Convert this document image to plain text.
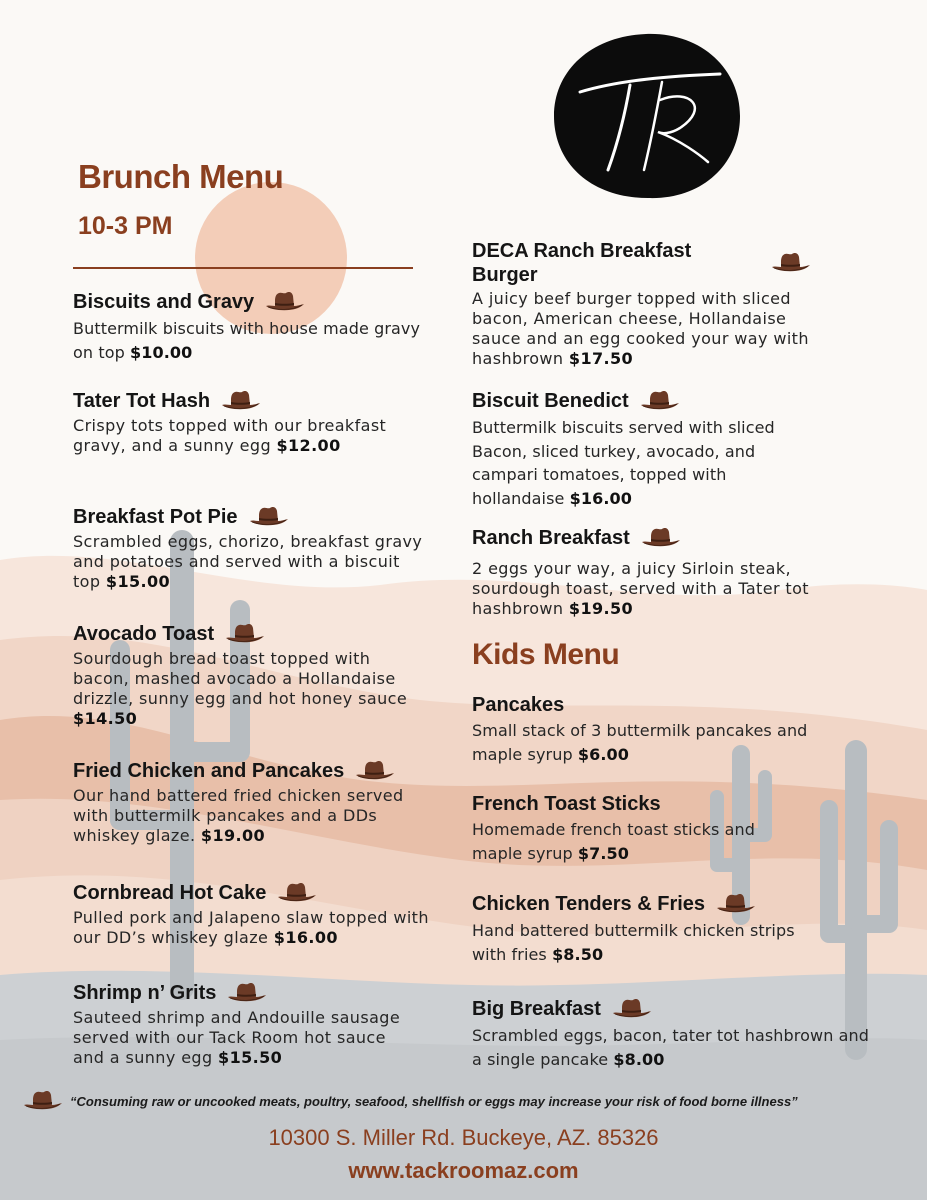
Brunch Menu
10-3 PM
Biscuits and Gravy
Buttermilk biscuits with house made gravy on top $10.00
Tater Tot Hash
Crispy tots topped with our breakfast gravy, and a sunny egg $12.00
Breakfast Pot Pie
Scrambled eggs, chorizo, breakfast gravy and potatoes and served with a biscuit top $15.00
Avocado Toast
Sourdough bread toast topped with bacon, mashed avocado a Hollandaise drizzle, sunny egg and hot honey sauce $14.50
Fried Chicken and Pancakes
Our hand battered fried chicken served with buttermilk pancakes and a DDs whiskey glaze. $19.00
Cornbread Hot Cake
Pulled pork and Jalapeno slaw topped with our DD’s whiskey glaze $16.00
Shrimp n’ Grits
Sauteed shrimp and Andouille sausage served with our Tack Room hot sauce and a sunny egg $15.50
DECA Ranch Breakfast Burger
A juicy beef burger topped with sliced bacon, American cheese, Hollandaise sauce and an egg cooked your way with hashbrown $17.50
Biscuit Benedict
Buttermilk biscuits served with sliced Bacon, sliced turkey, avocado, and campari tomatoes, topped with hollandaise $16.00
Ranch Breakfast
2 eggs your way, a juicy Sirloin steak, sourdough toast, served with a Tater tot hashbrown $19.50
Kids Menu
Pancakes
Small stack of 3 buttermilk pancakes and maple syrup $6.00
French Toast Sticks
Homemade french toast sticks and maple syrup $7.50
Chicken Tenders & Fries
Hand battered buttermilk chicken strips with fries $8.50
Big Breakfast
Scrambled eggs, bacon, tater tot hashbrown and a single pancake $8.00
“Consuming raw or uncooked meats, poultry, seafood, shellfish or eggs may increase your risk of food borne illness”
10300 S. Miller Rd. Buckeye, AZ. 85326
www.tackroomaz.com
